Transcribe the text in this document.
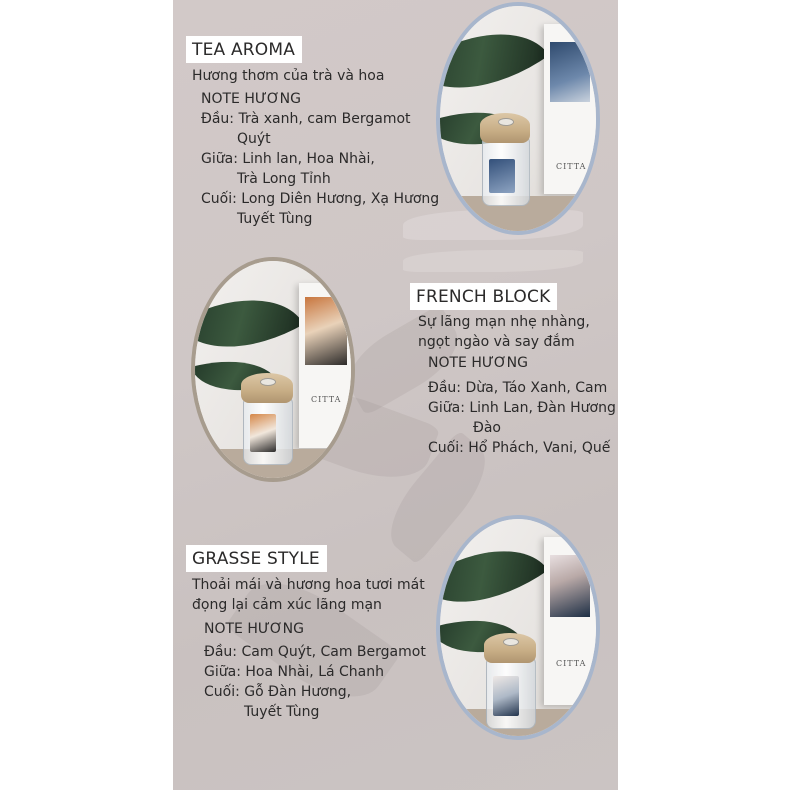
TEA AROMA
Hương thơm của trà và hoa
NOTE HƯƠNG
Đầu: Trà xanh, cam Bergamot
Quýt
Giữa: Linh lan, Hoa Nhài,
Trà Long Tỉnh
Cuối: Long Diên Hương, Xạ Hương
Tuyết Tùng
CITTA
FRENCH BLOCK
Sự lãng mạn nhẹ nhàng,
ngọt ngào và say đắm
NOTE HƯƠNG
Đầu: Dừa, Táo Xanh, Cam
Giữa: Linh Lan, Đàn Hương
Đào
Cuối: Hổ Phách, Vani, Quế
CITTA
GRASSE STYLE
Thoải mái và hương hoa tươi mát
đọng lại cảm xúc lãng mạn
NOTE HƯƠNG
Đầu: Cam Quýt, Cam Bergamot
Giữa: Hoa Nhài, Lá Chanh
Cuối: Gỗ Đàn Hương,
Tuyết Tùng
CITTA
